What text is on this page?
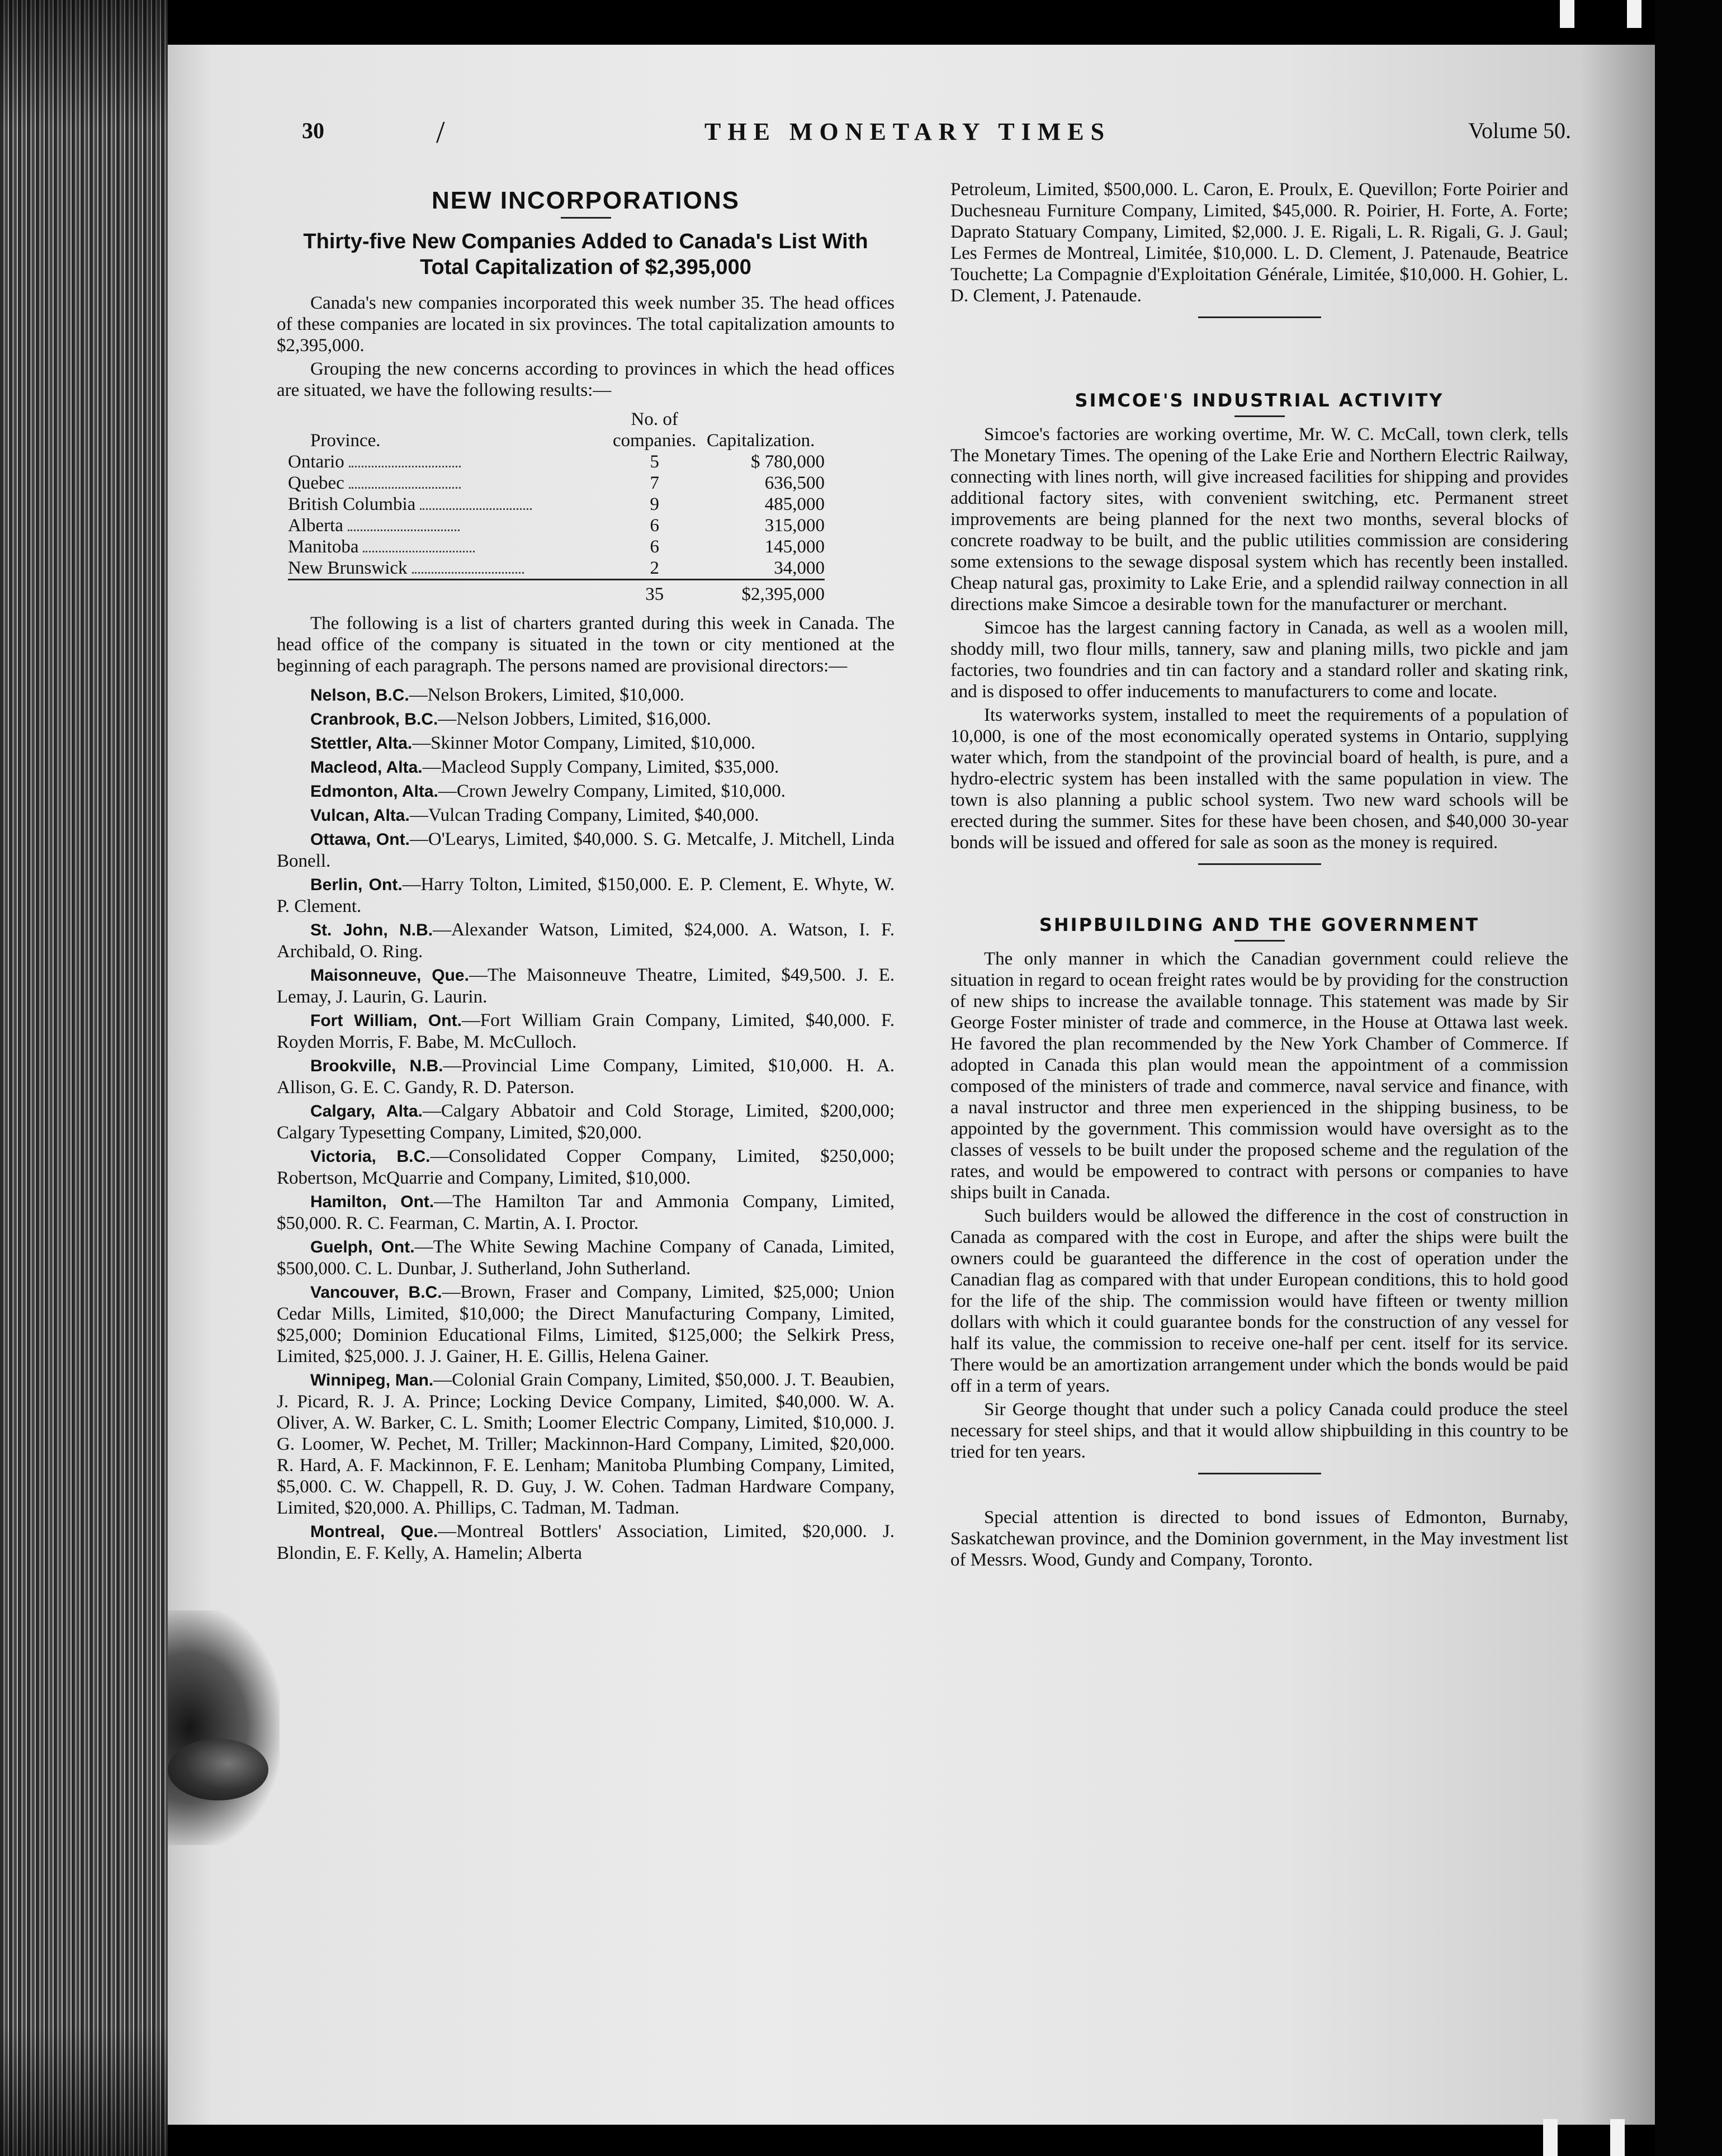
30	/	THE MONETARY TIMES	Volume 50.
NEW INCORPORATIONS
Thirty-five New Companies Added to Canada's List With Total Capitalization of $2,395,000

Canada's new companies incorporated this week number 35. The head offices of these companies are located in six provinces. The total capitalization amounts to $2,395,000.

Grouping the new concerns according to provinces in which the head offices are situated, we have the following results:—

	No. of	
Province.	companies.	Capitalization.
Ontario	5	$ 780,000
Quebec	7	636,500
British Columbia	9	485,000
Alberta	6	315,000
Manitoba	6	145,000
New Brunswick	2	34,000
	35	$2,395,000

The following is a list of charters granted during this week in Canada. The head office of the company is situated in the town or city mentioned at the beginning of each paragraph. The persons named are provisional directors:—

Nelson, B.C.—Nelson Brokers, Limited, $10,000.

Cranbrook, B.C.—Nelson Jobbers, Limited, $16,000.

Stettler, Alta.—Skinner Motor Company, Limited, $10,000.

Macleod, Alta.—Macleod Supply Company, Limited, $35,000.

Edmonton, Alta.—Crown Jewelry Company, Limited, $10,000.

Vulcan, Alta.—Vulcan Trading Company, Limited, $40,000.

Ottawa, Ont.—O'Learys, Limited, $40,000. S. G. Metcalfe, J. Mitchell, Linda Bonell.

Berlin, Ont.—Harry Tolton, Limited, $150,000. E. P. Clement, E. Whyte, W. P. Clement.

St. John, N.B.—Alexander Watson, Limited, $24,000. A. Watson, I. F. Archibald, O. Ring.

Maisonneuve, Que.—The Maisonneuve Theatre, Limited, $49,500. J. E. Lemay, J. Laurin, G. Laurin.

Fort William, Ont.—Fort William Grain Company, Limited, $40,000. F. Royden Morris, F. Babe, M. McCulloch.

Brookville, N.B.—Provincial Lime Company, Limited, $10,000. H. A. Allison, G. E. C. Gandy, R. D. Paterson.

Calgary, Alta.—Calgary Abbatoir and Cold Storage, Limited, $200,000; Calgary Typesetting Company, Limited, $20,000.

Victoria, B.C.—Consolidated Copper Company, Limited, $250,000; Robertson, McQuarrie and Company, Limited, $10,000.

Hamilton, Ont.—The Hamilton Tar and Ammonia Company, Limited, $50,000. R. C. Fearman, C. Martin, A. I. Proctor.

Guelph, Ont.—The White Sewing Machine Company of Canada, Limited, $500,000. C. L. Dunbar, J. Sutherland, John Sutherland.

Vancouver, B.C.—Brown, Fraser and Company, Limited, $25,000; Union Cedar Mills, Limited, $10,000; the Direct Manufacturing Company, Limited, $25,000; Dominion Educational Films, Limited, $125,000; the Selkirk Press, Limited, $25,000. J. J. Gainer, H. E. Gillis, Helena Gainer.

Winnipeg, Man.—Colonial Grain Company, Limited, $50,000. J. T. Beaubien, J. Picard, R. J. A. Prince; Locking Device Company, Limited, $40,000. W. A. Oliver, A. W. Barker, C. L. Smith; Loomer Electric Company, Limited, $10,000. J. G. Loomer, W. Pechet, M. Triller; Mackinnon-Hard Company, Limited, $20,000. R. Hard, A. F. Mackinnon, F. E. Lenham; Manitoba Plumbing Company, Limited, $5,000. C. W. Chappell, R. D. Guy, J. W. Cohen. Tadman Hardware Company, Limited, $20,000. A. Phillips, C. Tadman, M. Tadman.

Montreal, Que.—Montreal Bottlers' Association, Limited, $20,000. J. Blondin, E. F. Kelly, A. Hamelin; Alberta

Petroleum, Limited, $500,000. L. Caron, E. Proulx, E. Quevillon; Forte Poirier and Duchesneau Furniture Company, Limited, $45,000. R. Poirier, H. Forte, A. Forte; Daprato Statuary Company, Limited, $2,000. J. E. Rigali, L. R. Rigali, G. J. Gaul; Les Fermes de Montreal, Limitée, $10,000. L. D. Clement, J. Patenaude, Beatrice Touchette; La Compagnie d'Exploitation Générale, Limitée, $10,000. H. Gohier, L. D. Clement, J. Patenaude.

SIMCOE'S INDUSTRIAL ACTIVITY

Simcoe's factories are working overtime, Mr. W. C. McCall, town clerk, tells The Monetary Times. The opening of the Lake Erie and Northern Electric Railway, connecting with lines north, will give increased facilities for shipping and provides additional factory sites, with convenient switching, etc. Permanent street improvements are being planned for the next two months, several blocks of concrete roadway to be built, and the public utilities commission are considering some extensions to the sewage disposal system which has recently been installed. Cheap natural gas, proximity to Lake Erie, and a splendid railway connection in all directions make Simcoe a desirable town for the manufacturer or merchant.

Simcoe has the largest canning factory in Canada, as well as a woolen mill, shoddy mill, two flour mills, tannery, saw and planing mills, two pickle and jam factories, two foundries and tin can factory and a standard roller and skating rink, and is disposed to offer inducements to manufacturers to come and locate.

Its waterworks system, installed to meet the requirements of a population of 10,000, is one of the most economically operated systems in Ontario, supplying water which, from the standpoint of the provincial board of health, is pure, and a hydro-electric system has been installed with the same population in view. The town is also planning a public school system. Two new ward schools will be erected during the summer. Sites for these have been chosen, and $40,000 30-year bonds will be issued and offered for sale as soon as the money is required.

SHIPBUILDING AND THE GOVERNMENT

The only manner in which the Canadian government could relieve the situation in regard to ocean freight rates would be by providing for the construction of new ships to increase the available tonnage. This statement was made by Sir George Foster minister of trade and commerce, in the House at Ottawa last week. He favored the plan recommended by the New York Chamber of Commerce. If adopted in Canada this plan would mean the appointment of a commission composed of the ministers of trade and commerce, naval service and finance, with a naval instructor and three men experienced in the shipping business, to be appointed by the government. This commission would have oversight as to the classes of vessels to be built under the proposed scheme and the regulation of the rates, and would be empowered to contract with persons or companies to have ships built in Canada.

Such builders would be allowed the difference in the cost of construction in Canada as compared with the cost in Europe, and after the ships were built the owners could be guaranteed the difference in the cost of operation under the Canadian flag as compared with that under European conditions, this to hold good for the life of the ship. The commission would have fifteen or twenty million dollars with which it could guarantee bonds for the construction of any vessel for half its value, the commission to receive one-half per cent. itself for its service. There would be an amortization arrangement under which the bonds would be paid off in a term of years.

Sir George thought that under such a policy Canada could produce the steel necessary for steel ships, and that it would allow shipbuilding in this country to be tried for ten years.

Special attention is directed to bond issues of Edmonton, Burnaby, Saskatchewan province, and the Dominion government, in the May investment list of Messrs. Wood, Gundy and Company, Toronto.
